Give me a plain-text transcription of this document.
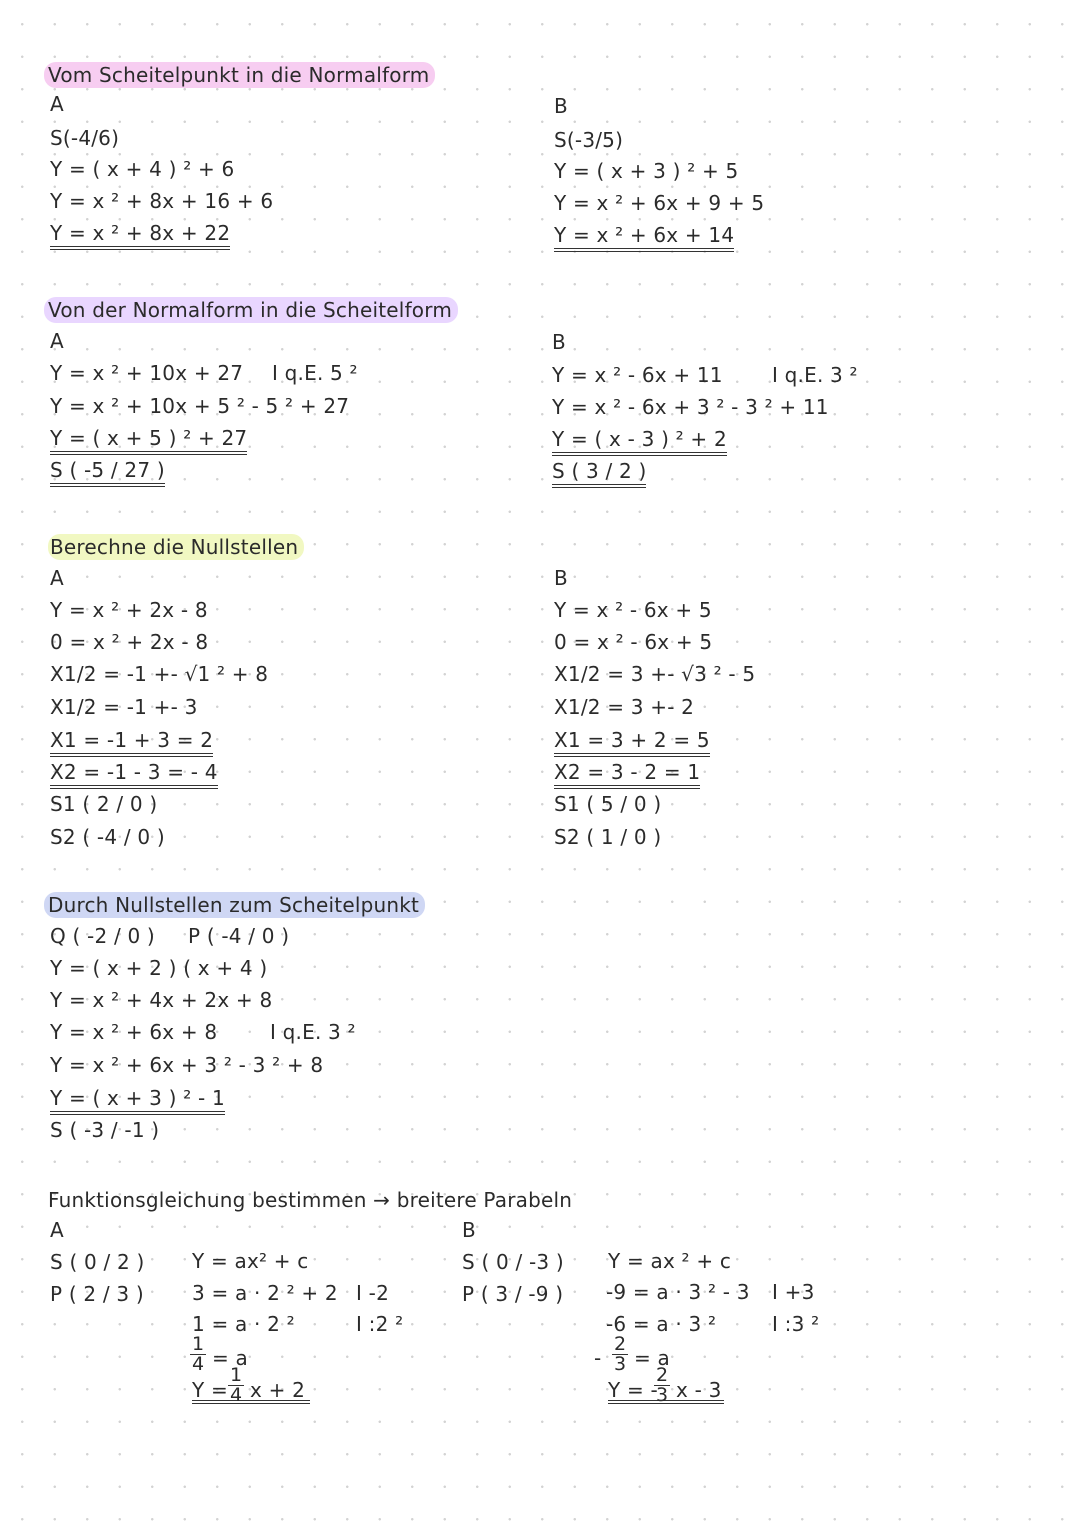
Vom Scheitelpunkt in die Normalform
A
S(-4/6)
Y = ( x + 4 ) ² + 6
Y = x ² + 8x + 16 + 6
Y = x ² + 8x + 22
B
S(-3/5)
Y = ( x + 3 ) ² + 5
Y = x ² + 6x + 9 + 5
Y = x ² + 6x + 14
Von der Normalform in die Scheitelform
A
Y = x ² + 10x + 27 I q.E. 5 ²
Y = x ² + 10x + 5 ² - 5 ² + 27
Y = ( x + 5 ) ² + 27
S ( -5 / 27 )
B
Y = x ² - 6x + 11 I q.E. 3 ²
Y = x ² - 6x + 3 ² - 3 ² + 11
Y = ( x - 3 ) ² + 2
S ( 3 / 2 )
Berechne die Nullstellen
A
Y = x ² + 2x - 8
0 = x ² + 2x - 8
X1/2 = -1 +- √1 ² + 8
X1/2 = -1 +- 3
X1 = -1 + 3 = 2
X2 = -1 - 3 = - 4
S1 ( 2 / 0 )
S2 ( -4 / 0 )
B
Y = x ² - 6x + 5
0 = x ² - 6x + 5
X1/2 = 3 +- √3 ² - 5
X1/2 = 3 +- 2
X1 = 3 + 2 = 5
X2 = 3 - 2 = 1
S1 ( 5 / 0 )
S2 ( 1 / 0 )
Durch Nullstellen zum Scheitelpunkt
Q ( -2 / 0 ) P ( -4 / 0 )
Y = ( x + 2 ) ( x + 4 )
Y = x ² + 4x + 2x + 8
Y = x ² + 6x + 8	I q.E. 3 ²
Y = x ² + 6x + 3 ² - 3 ² + 8
Y = ( x + 3 ) ² - 1
S ( -3 / -1 )
Funktionsgleichung bestimmen → breitere Parabeln
A
S ( 0 / 2 )
P ( 2 / 3 )
Y = ax² + c
3 = a · 2 ² + 2 I -2
1 = a · 2 ²	I :2 ²
$\frac{1}{4} = a$
$Y = \frac{1}{4}$ x + 2
B
S ( 0 / -3 )
P ( 3 / -9 )
Y = ax ² + c
-9 = a · 3 ² - 3 I +3
-6 = a · 3 ²	I :3 ²
- $\frac{2}{3} = a$
Y = -
$\frac{2}{3}$ x - 3
